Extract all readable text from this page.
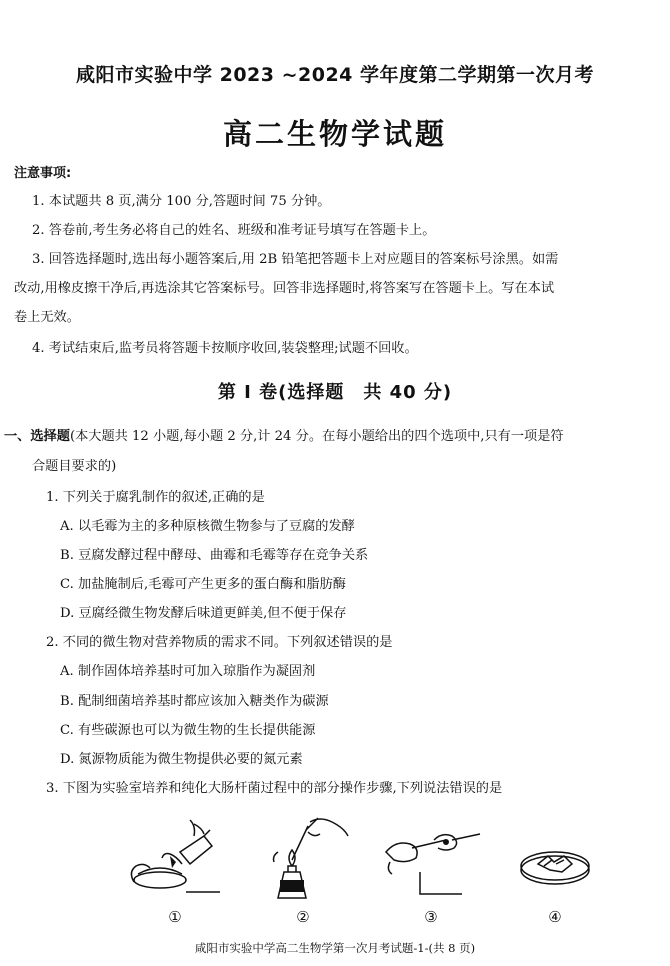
咸阳市实验中学 2023 ~2024 学年度第二学期第一次月考
高二生物学试题
注意事项:
1. 本试题共 8 页,满分 100 分,答题时间 75 分钟。
2. 答卷前,考生务必将自己的姓名、班级和准考证号填写在答题卡上。
3. 回答选择题时,选出每小题答案后,用 2B 铅笔把答题卡上对应题目的答案标号涂黑。如需
改动,用橡皮擦干净后,再选涂其它答案标号。回答非选择题时,将答案写在答题卡上。写在本试
卷上无效。
4. 考试结束后,监考员将答题卡按顺序收回,装袋整理;试题不回收。
第 Ⅰ 卷(选择题　共 40 分)
一、选择题(本大题共 12 小题,每小题 2 分,计 24 分。在每小题给出的四个选项中,只有一项是符
合题目要求的)
1. 下列关于腐乳制作的叙述,正确的是
A. 以毛霉为主的多种原核微生物参与了豆腐的发酵
B. 豆腐发酵过程中酵母、曲霉和毛霉等存在竞争关系
C. 加盐腌制后,毛霉可产生更多的蛋白酶和脂肪酶
D. 豆腐经微生物发酵后味道更鲜美,但不便于保存
2. 不同的微生物对营养物质的需求不同。下列叙述错误的是
A. 制作固体培养基时可加入琼脂作为凝固剂
B. 配制细菌培养基时都应该加入糖类作为碳源
C. 有些碳源也可以为微生物的生长提供能源
D. 氮源物质能为微生物提供必要的氮元素
3. 下图为实验室培养和纯化大肠杆菌过程中的部分操作步骤,下列说法错误的是
①	②	③	④
咸阳市实验中学高二生物学第一次月考试题-1-(共 8 页)
